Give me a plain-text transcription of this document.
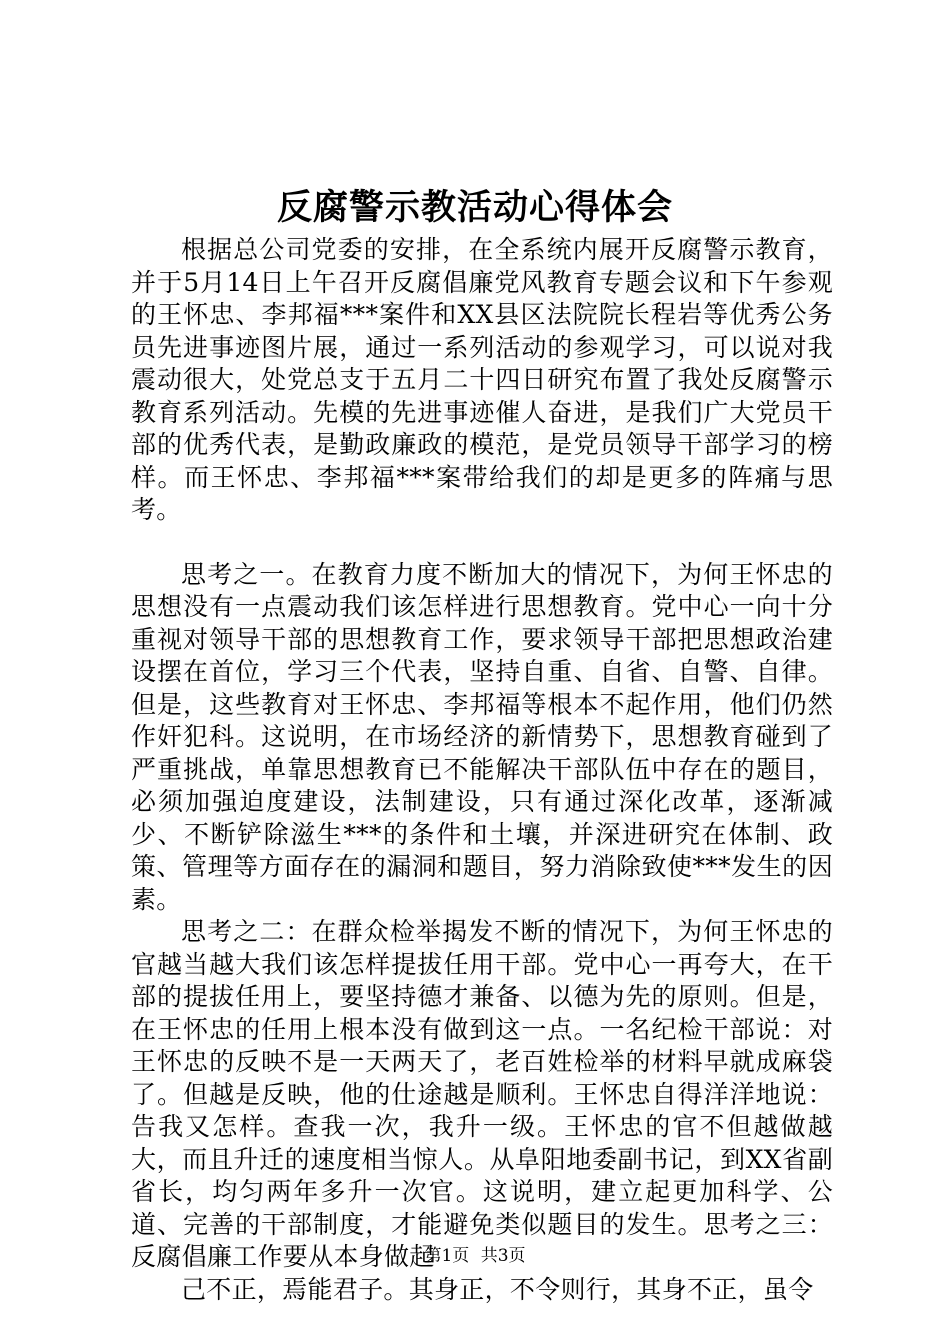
反腐警示教活动心得体会

根据总公司党委的安排，在全系统内展开反腐警示教育，并于5月14日上午召开反腐倡廉党风教育专题会议和下午参观的王怀忠、李邦福***案件和XX县区法院院长程岩等优秀公务员先进事迹图片展，通过一系列活动的参观学习，可以说对我震动很大，处党总支于五月二十四日研究布置了我处反腐警示教育系列活动。先模的先进事迹催人奋进，是我们广大党员干部的优秀代表，是勤政廉政的模范，是党员领导干部学习的榜样。而王怀忠、李邦福***案带给我们的却是更多的阵痛与思考。

思考之一。在教育力度不断加大的情况下，为何王怀忠的思想没有一点震动我们该怎样进行思想教育。党中心一向十分重视对领导干部的思想教育工作，要求领导干部把思想政治建设摆在首位，学习三个代表，坚持自重、自省、自警、自律。但是，这些教育对王怀忠、李邦福等根本不起作用，他们仍然作奸犯科。这说明，在市场经济的新情势下，思想教育碰到了严重挑战，单靠思想教育已不能解决干部队伍中存在的题目，必须加强迫度建设，法制建设，只有通过深化改革，逐渐减少、不断铲除滋生***的条件和土壤，并深进研究在体制、政策、管理等方面存在的漏洞和题目，努力消除致使***发生的因素。

思考之二：在群众检举揭发不断的情况下，为何王怀忠的官越当越大我们该怎样提拔任用干部。党中心一再夸大，在干部的提拔任用上，要坚持德才兼备、以德为先的原则。但是，在王怀忠的任用上根本没有做到这一点。一名纪检干部说：对王怀忠的反映不是一天两天了，老百姓检举的材料早就成麻袋了。但越是反映，他的仕途越是顺利。王怀忠自得洋洋地说：告我又怎样。查我一次，我升一级。王怀忠的官不但越做越大，而且升迁的速度相当惊人。从阜阳地委副书记，到XX省副省长，均匀两年多升一次官。这说明，建立起更加科学、公道、完善的干部制度，才能避免类似题目的发生。思考之三：反腐倡廉工作要从本身做起

己不正，焉能君子。其身正，不令则行，其身不正，虽令

第1页 共3页
